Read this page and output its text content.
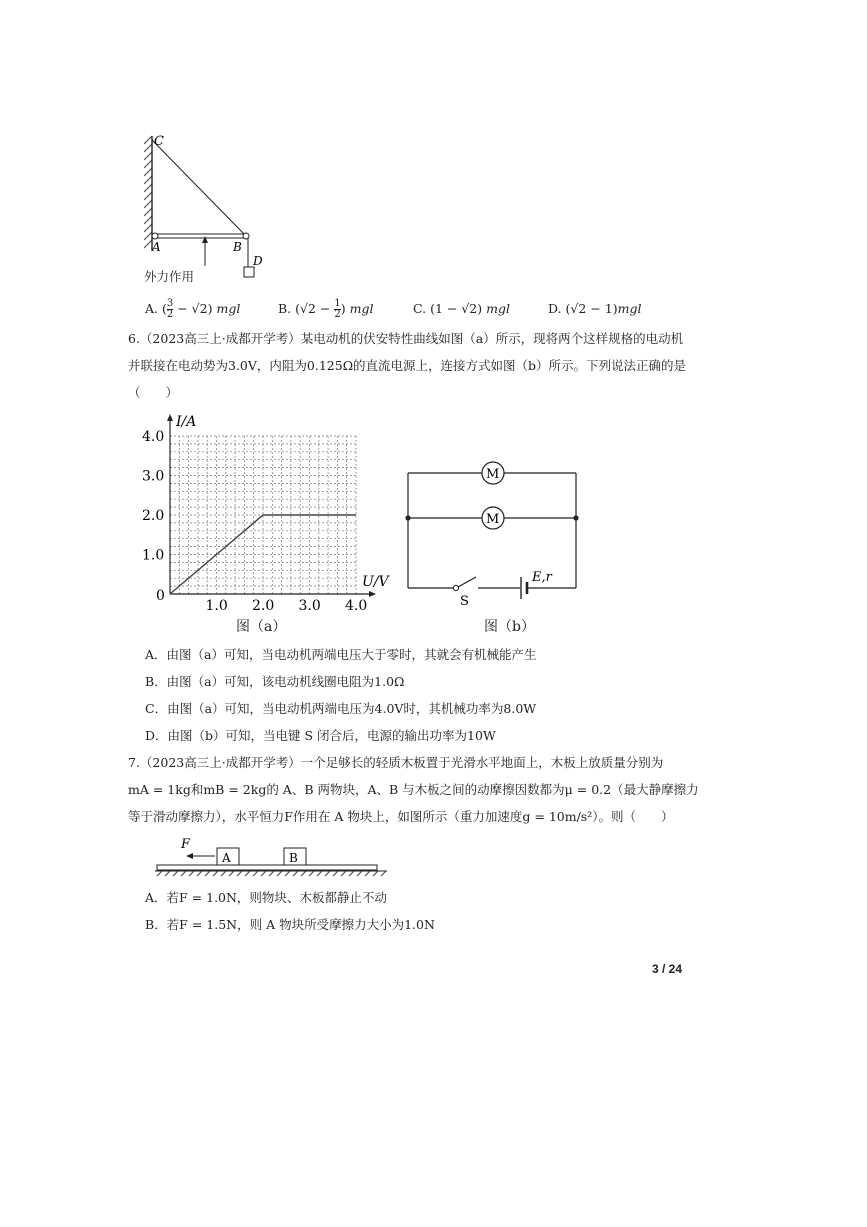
C
A	B
D
外力作用
A. ( $\frac{3}{2} - √2$) mgl	B. ($√2 - \frac{1}{2}$ ) mgl	C. (1 − √2) mgl	D. (√2 − 1)mgl
6.（2023高三上·成都开学考）某电动机的伏安特性曲线如图（a）所示，现将两个这样规格的电动机
并联接在电动势为3.0V，内阻为0.125Ω的直流电源上，连接方式如图（b）所示。下列说法正确的是
（　　）
1.0 2.0 3.0 4.0
1.0
2.0
3.0
4.0
I/A
U/V
0
图（a）
M
M
S
E,r
图（b）
A．由图（a）可知，当电动机两端电压大于零时，其就会有机械能产生
B．由图（a）可知，该电动机线圈电阻为1.0Ω
C．由图（a）可知，当电动机两端电压为4.0V时，其机械功率为8.0W
D．由图（b）可知，当电键 S 闭合后，电源的输出功率为10W
7.（2023高三上·成都开学考）一个足够长的轻质木板置于光滑水平地面上，木板上放质量分别为
mA = 1kg和mB = 2kg的 A、B 两物块，A、B 与木板之间的动摩擦因数都为μ = 0.2（最大静摩擦力
等于滑动摩擦力），水平恒力F作用在 A 物块上，如图所示（重力加速度g = 10m/s²）。则（　　）
F
A	B
A．若F = 1.0N，则物块、木板都静止不动
B．若F = 1.5N，则 A 物块所受摩擦力大小为1.0N
3 / 24
